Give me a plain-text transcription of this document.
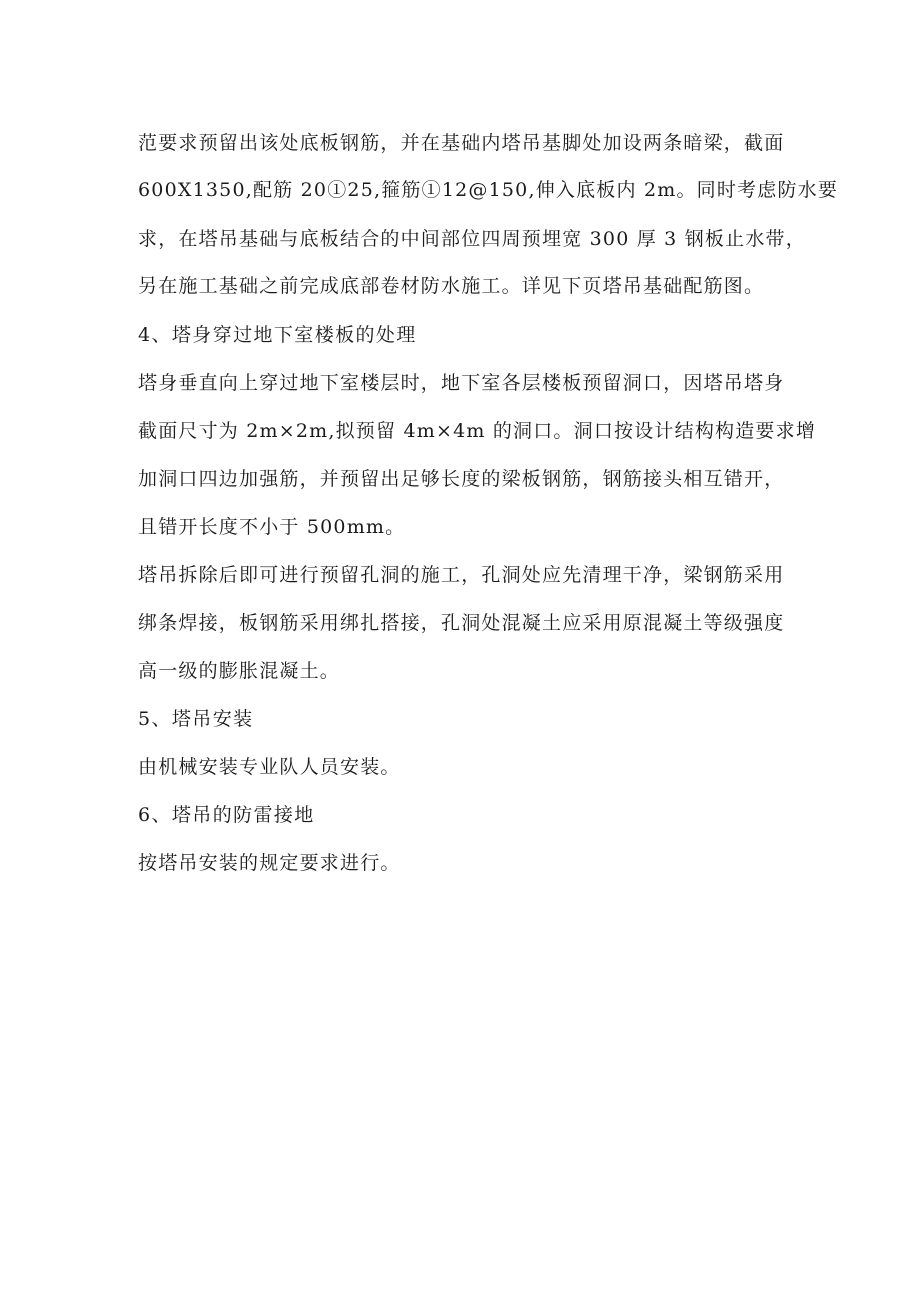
范要求预留出该处底板钢筋，并在基础内塔吊基脚处加设两条暗梁，截面
600X1350,配筋 20①25,箍筋①12@150,伸入底板内 2m。同时考虑防水要
求，在塔吊基础与底板结合的中间部位四周预埋宽 300 厚 3 钢板止水带，
另在施工基础之前完成底部卷材防水施工。详见下页塔吊基础配筋图。
4、塔身穿过地下室楼板的处理
塔身垂直向上穿过地下室楼层时，地下室各层楼板预留洞口，因塔吊塔身
截面尺寸为 2m×2m,拟预留 4m×4m 的洞口。洞口按设计结构构造要求增
加洞口四边加强筋，并预留出足够长度的梁板钢筋，钢筋接头相互错开，
且错开长度不小于 500mm。
塔吊拆除后即可进行预留孔洞的施工，孔洞处应先清理干净，梁钢筋采用
绑条焊接，板钢筋采用绑扎搭接，孔洞处混凝土应采用原混凝土等级强度
高一级的膨胀混凝土。
5、塔吊安装
由机械安装专业队人员安装。
6、塔吊的防雷接地
按塔吊安装的规定要求进行。
